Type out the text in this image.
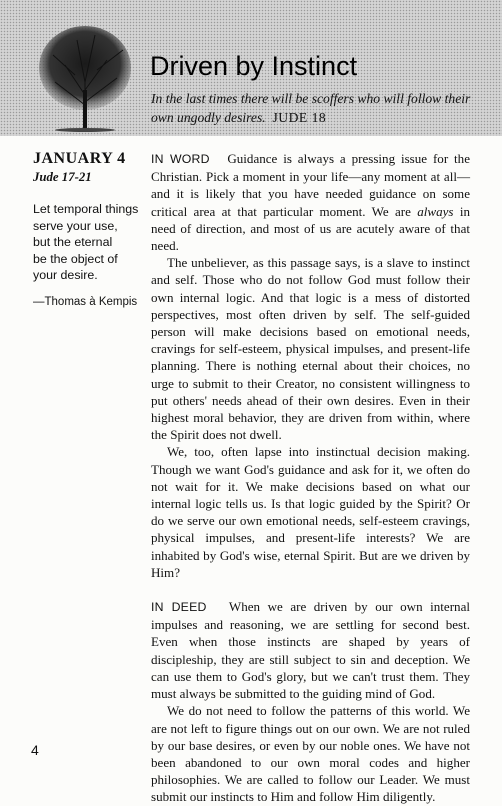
Driven by Instinct

In the last times there will be scoffers who will follow their own ungodly desires. JUDE 18

JANUARY 4

Jude 17-21

Let temporal things
serve your use,
but the eternal
be the object of
your desire.

—Thomas à Kempis

IN WORD Guidance is always a pressing issue for the Christian. Pick a moment in your life—any moment at all—and it is likely that you have needed guidance on some critical area at that particular moment. We are always in need of direction, and most of us are acutely aware of that need.

The unbeliever, as this passage says, is a slave to instinct and self. Those who do not follow God must follow their own internal logic. And that logic is a mess of distorted perspectives, most often driven by self. The self-guided person will make decisions based on emotional needs, cravings for self-esteem, physical impulses, and present-life planning. There is nothing eternal about their choices, no urge to submit to their Creator, no consistent willingness to put others' needs ahead of their own desires. Even in their highest moral behavior, they are driven from within, where the Spirit does not dwell.

We, too, often lapse into instinctual decision making. Though we want God's guidance and ask for it, we often do not wait for it. We make decisions based on what our internal logic tells us. Is that logic guided by the Spirit? Or do we serve our own emotional needs, self-esteem cravings, physical impulses, and present-life interests? We are inhabited by God's wise, eternal Spirit. But are we driven by Him?

IN DEED When we are driven by our own internal impulses and reasoning, we are settling for second best. Even when those instincts are shaped by years of discipleship, they are still subject to sin and deception. We can use them to God's glory, but we can't trust them. They must always be submitted to the guiding mind of God.

We do not need to follow the patterns of this world. We are not left to figure things out on our own. We are not ruled by our base desires, or even by our noble ones. We have not been abandoned to our own moral codes and higher philosophies. We are called to follow our Leader. We must submit our instincts to Him and follow Him diligently.

4
